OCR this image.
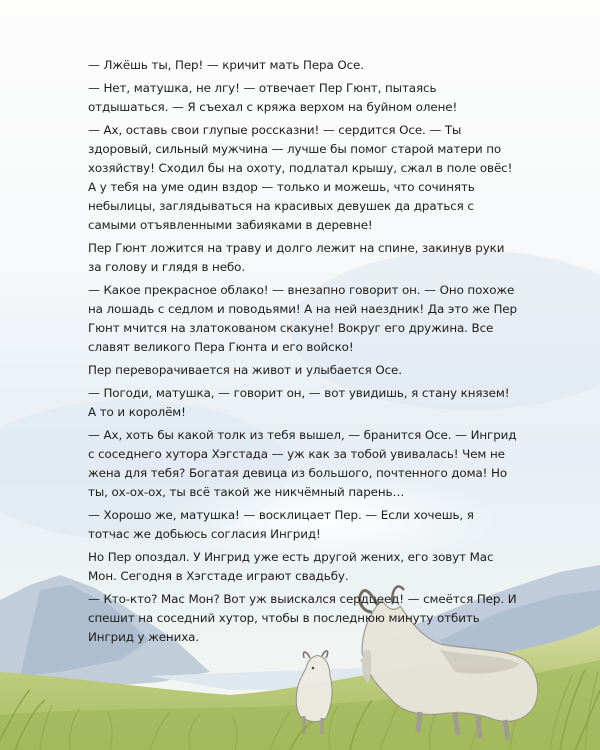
— Лжёшь ты, Пер! — кричит мать Пера Осе.

— Нет, матушка, не лгу! — отвечает Пер Гюнт, пытаясь отдышаться. — Я съехал с кряжа верхом на буйном олене!

— Ах, оставь свои глупые россказни! — сердится Осе. — Ты здоровый, сильный мужчина — лучше бы помог старой матери по хозяйству! Сходил бы на охоту, подлатал крышу, сжал в поле овёс! А у тебя на уме один вздор — только и можешь, что сочинять небылицы, заглядываться на красивых девушек да драться с самыми отъявленными забияками в деревне!

Пер Гюнт ложится на траву и долго лежит на спине, закинув руки за голову и глядя в небо.

— Какое прекрасное облако! — внезапно говорит он. — Оно похоже на лошадь с седлом и поводьями! А на ней наездник! Да это же Пер Гюнт мчится на златокованом скакуне! Вокруг его дружина. Все славят великого Пера Гюнта и его войско!

Пер переворачивается на живот и улыбается Осе.

— Погоди, матушка, — говорит он, — вот увидишь, я стану князем! А то и королём!

— Ах, хоть бы какой толк из тебя вышел, — бранится Осе. — Ингрид с соседнего хутора Хэгстада — уж как за тобой увивалась! Чем не жена для тебя? Богатая девица из большого, почтенного дома! Но ты, ох-ох-ох, ты всё такой же никчёмный парень…

— Хорошо же, матушка! — восклицает Пер. — Если хочешь, я тотчас же добьюсь согласия Ингрид!

Но Пер опоздал. У Ингрид уже есть другой жених, его зовут Мас Мон. Сегодня в Хэгстаде играют свадьбу.

— Кто-кто? Мас Мон? Вот уж выискался сердцеед! — смеётся Пер. И спешит на соседний хутор, чтобы в последнюю минуту отбить Ингрид у жениха.
